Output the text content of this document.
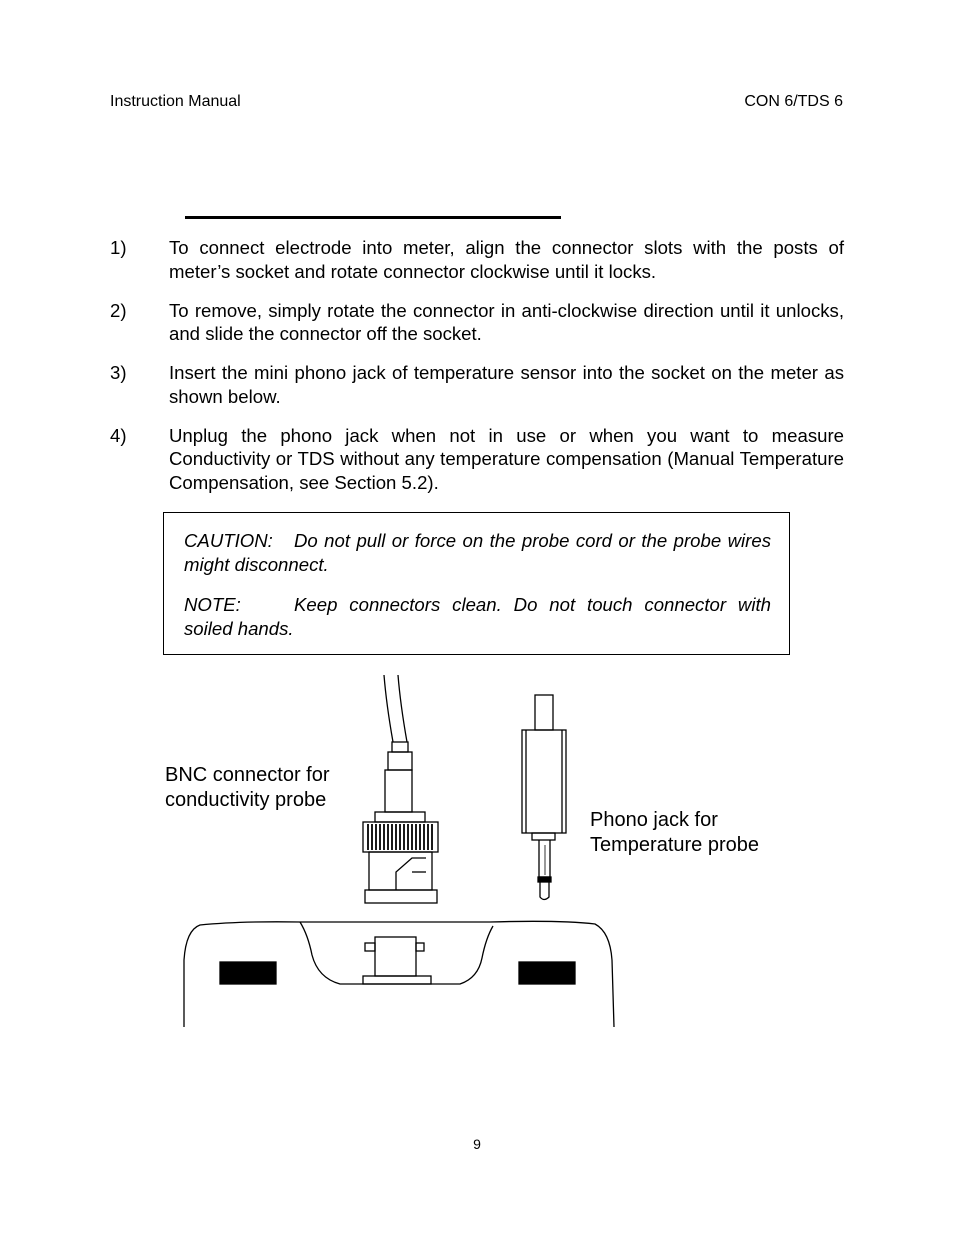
Instruction Manual	CON 6/TDS 6
1) To connect electrode into meter, align the connector slots with the posts of meter’s socket and rotate connector clockwise until it locks.
2) To remove, simply rotate the connector in anti-clockwise direction until it unlocks, and slide the connector off the socket.
3) Insert the mini phono jack of temperature sensor into the socket on the meter as shown below.
4) Unplug the phono jack when not in use or when you want to measure Conductivity or TDS without any temperature compensation (Manual Temperature Compensation, see Section 5.2).
CAUTION:	Do not pull or force on the probe cord or the probe wires might disconnect.
NOTE:	Keep connectors clean. Do not touch connector with soiled hands.
BNC connector for
conductivity probe
Phono jack for
Temperature probe
9
